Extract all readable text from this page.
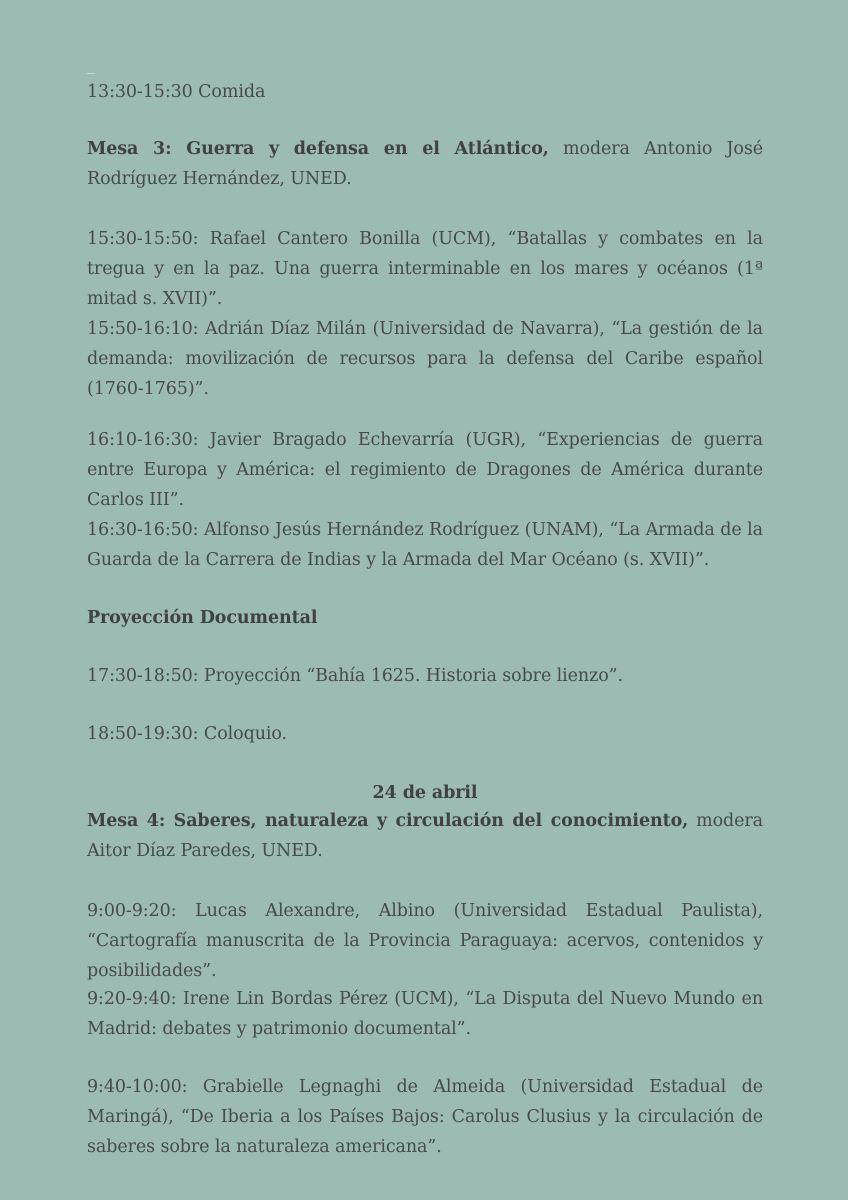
13:30-15:30 Comida

Mesa 3: Guerra y defensa en el Atlántico, modera Antonio José Rodríguez Hernández, UNED.

15:30-15:50: Rafael Cantero Bonilla (UCM), “Batallas y combates en la tregua y en la paz. Una guerra interminable en los mares y océanos (1ª mitad s. XVII)”.

15:50-16:10: Adrián Díaz Milán (Universidad de Navarra), “La gestión de la demanda: movilización de recursos para la defensa del Caribe español (1760-1765)”.

16:10-16:30: Javier Bragado Echevarría (UGR), “Experiencias de guerra entre Europa y América: el regimiento de Dragones de América durante Carlos III”.

16:30-16:50: Alfonso Jesús Hernández Rodríguez (UNAM), “La Armada de la Guarda de la Carrera de Indias y la Armada del Mar Océano (s. XVII)”.

Proyección Documental

17:30-18:50: Proyección “Bahía 1625. Historia sobre lienzo”.

18:50-19:30: Coloquio.

24 de abril

Mesa 4: Saberes, naturaleza y circulación del conocimiento, modera Aitor Díaz Paredes, UNED.

9:00-9:20: Lucas Alexandre, Albino (Universidad Estadual Paulista), “Cartografía manuscrita de la Provincia Paraguaya: acervos, contenidos y posibilidades”.

9:20-9:40: Irene Lin Bordas Pérez (UCM), “La Disputa del Nuevo Mundo en Madrid: debates y patrimonio documental”.

9:40-10:00: Grabielle Legnaghi de Almeida (Universidad Estadual de Maringá), “De Iberia a los Países Bajos: Carolus Clusius y la circulación de saberes sobre la naturaleza americana”.
